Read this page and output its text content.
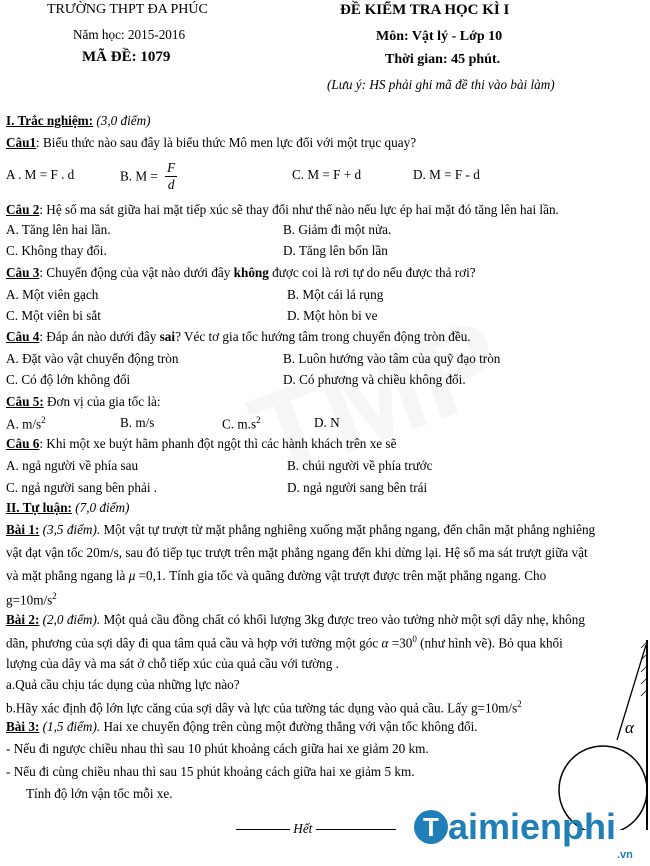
TRƯỜNG THPT ĐA PHÚC
Năm học: 2015-2016
MÃ ĐỀ: 1079
ĐỀ KIỂM TRA HỌC KÌ I
Môn: Vật lý - Lớp 10
Thời gian: 45 phút.
(Lưu ý: HS phải ghi mã đề thi vào bài làm)
I. Trắc nghiệm: (3,0 điểm)
Câu1: Biểu thức nào sau đây là biểu thức Mô men lực đối với một trục quay?
A . M = F . d	B. $M = \frac{F}{d}$	C. M = F + d	D. M = F - d
Câu 2: Hệ số ma sát giữa hai mặt tiếp xúc sẽ thay đổi như thế nào nếu lực ép hai mặt đó tăng lên hai lần.
A. Tăng lên hai lần.	B. Giảm đi một nửa.
C. Không thay đổi.	D. Tăng lên bốn lần
Câu 3: Chuyển động của vật nào dưới đây không được coi là rơi tự do nếu được thả rơi?
A. Một viên gạch	B. Một cái lá rụng
C. Một viên bi sắt	D. Một hòn bi ve
Câu 4: Đáp án nào dưới đây sai? Véc tơ gia tốc hướng tâm trong chuyển động tròn đều.
A. Đặt vào vật chuyển động tròn	B. Luôn hướng vào tâm của quỹ đạo tròn
C. Có độ lớn không đổi	D. Có phương và chiều không đổi.
Câu 5: Đơn vị của gia tốc là:
A. $m/s^2$	B. m/s	C. $m.s^2$	D. N
Câu 6: Khi một xe buýt hãm phanh đột ngột thì các hành khách trên xe sẽ
A. ngả người về phía sau	B. chúi người về phía trước
C. ngả người sang bên phải .	D. ngả người sang bên trái
II. Tự luận: (7,0 điểm)
Bài 1: (3,5 điểm). Một vật tự trượt từ mặt phẳng nghiêng xuống mặt phẳng ngang, đến chân mặt phẳng nghiêng
vật đạt vận tốc 20m/s, sau đó tiếp tục trượt trên mặt phẳng ngang đến khi dừng lại. Hệ số ma sát trượt giữa vật
và mặt phẳng ngang là μ =0,1. Tính gia tốc và quãng đường vật trượt được trên mặt phẳng ngang. Cho
$g=10m/s^2$
Bài 2: (2,0 điểm). Một quả cầu đồng chất có khối lượng 3kg được treo vào tường nhờ một sợi dây nhẹ, không
dãn, phương của sợi dây đi qua tâm quả cầu và hợp với tường một góc $\alpha =30^0$ (như hình vẽ). Bỏ qua khối
lượng của dây và ma sát ở chỗ tiếp xúc của quả cầu với tường .
a.Quả cầu chịu tác dụng của những lực nào?
b.Hãy xác định độ lớn lực căng của sợi dây và lực của tường tác dụng vào quả cầu. Lấy $g=10m/s^2$
Bài 3: (1,5 điểm). Hai xe chuyển động trên cùng một đường thẳng với vận tốc không đổi.
- Nếu đi ngược chiều nhau thì sau 10 phút khoảng cách giữa hai xe giảm 20 km.
- Nếu đi cùng chiều nhau thì sau 15 phút khoảng cách giữa hai xe giảm 5 km.
Tính độ lớn vận tốc mỗi xe.
α
Hết	T aimienphi
.vn
